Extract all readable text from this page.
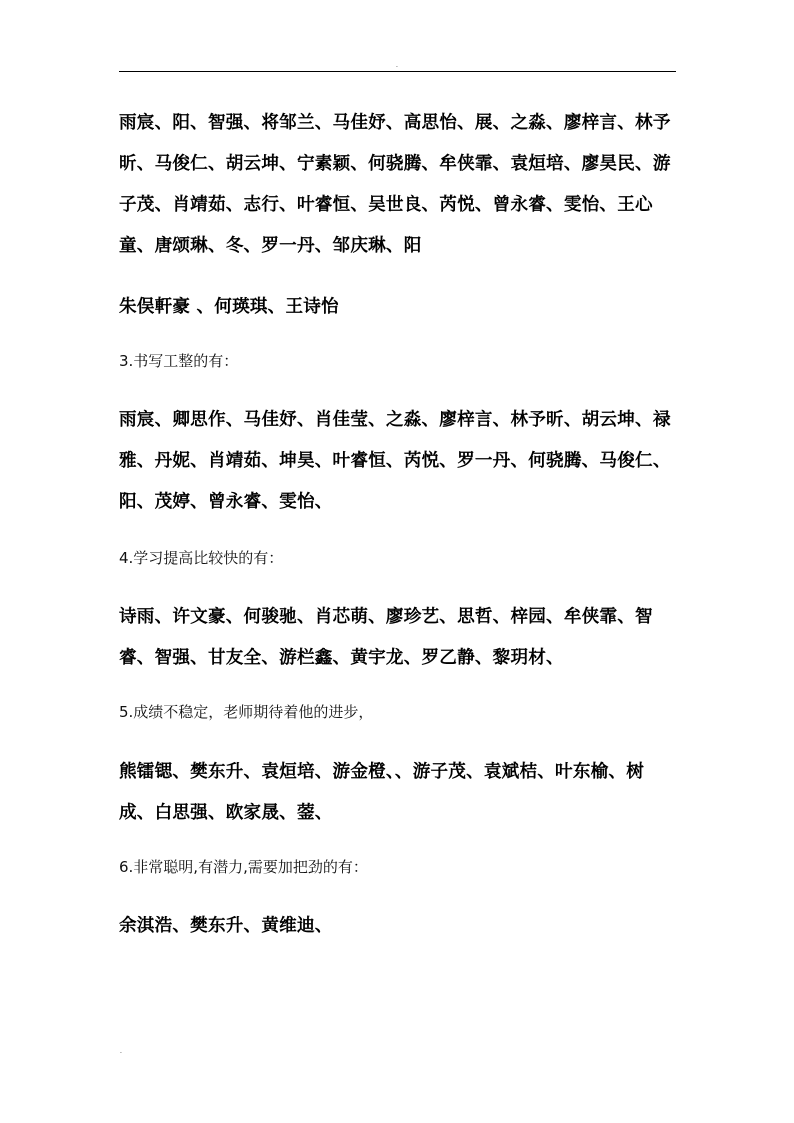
.

雨宸、阳、智强、将邹兰、马佳妤、高思怡、展、之淼、廖梓言、林予昕、马俊仁、胡云坤、宁素颖、何骁腾、牟侠霏、袁烜培、廖昊民、游子茂、肖靖茹、志行、叶睿恒、吴世良、芮悦、曾永睿、雯怡、王心童、唐颂琳、冬、罗一丹、邹庆琳、阳

朱俣軒豪 、何瑛琪、王诗怡

3.书写工整的有：

雨宸、卿思作、马佳妤、肖佳莹、之淼、廖梓言、林予昕、胡云坤、禄雅、丹妮、肖靖茹、坤昊、叶睿恒、芮悦、罗一丹、何骁腾、马俊仁、阳、茂婷、曾永睿、雯怡、

4.学习提高比较快的有：

诗雨、许文豪、何骏驰、肖芯萌、廖珍艺、思哲、梓园、牟侠霏、智睿、智强、甘友全、游栏鑫、黄宇龙、罗乙静、黎玥材、

5.成绩不稳定，老师期待着他的进步，

熊镭锶、樊东升、袁烜培、游金橙、、游子茂、袁斌桔、叶东榆、树成、白思强、欧家晟、蓥、

6.非常聪明,有潜力,需要加把劲的有：

余淇浩、樊东升、黄维迪、

.
